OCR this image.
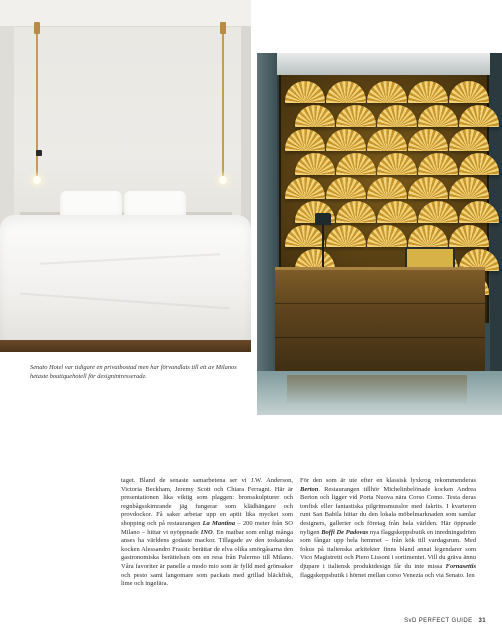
Senato Hotel var tidigare en privatbostad men har förvandlats till ett av Milanos hetaste boutiquehotell för designintresserade.

taget. Bland de senaste samarbetena ser vi J.W. Anderson, Victoria Beckham, Jeremy Scott och Chiara Ferragni. Här är presentationen lika viktig som plaggen: bronsskulpturer och regnbågsskimrande jäg fungerar som klädhängare och provdockor. Få saker arbetar upp en aptit lika mycket som shopping och på restaurangen La Mantina – 200 meter från SO Milano – hittar vi nyöppnade INO. En matbar som enligt många anses ha världens godaste mackor. Tillagade av den toskanska kocken Alessandro Frassic berättar de elva olika smörgåsarna den gastronomiska berättelsen om en resa från Palermo till Milano. Våra favoriter är panelle a modo mio som är fylld med grönsaker och pesto samt langomare som packats med grillad bläckfisk, lime och ingefära.

För den som är ute efter en klassisk lyxkrog rekommenderas Berton. Restaurangen tillhör Michelinbelönade kocken Andrea Berton och ligger vid Porta Nuova nära Corso Como. Testa deras tonfisk eller fantastiska pilgrimsmusslor med fakrits. I kvarteren runt San Babila hittar du den lokala möbelmarknaden som samlar designers, gallerier och företag från hela världen. Här öppnade nyligen Boffi De Padovas nya flaggskeppsbutik en inredningsdröm som fångar upp hela hemmet – från kök till vardagsrum. Med fokus på italienska arkitekter finns bland annat legendarer som Vico Magistretti och Piero Lissoni i sortimentet. Vill du gräva ännu djupare i italiensk produktdesign får du inte missa Fornasettis flaggskeppsbutik i hörnet mellan corso Venezia och via Senato. Ien

SvD PERFECT GUIDE 31
